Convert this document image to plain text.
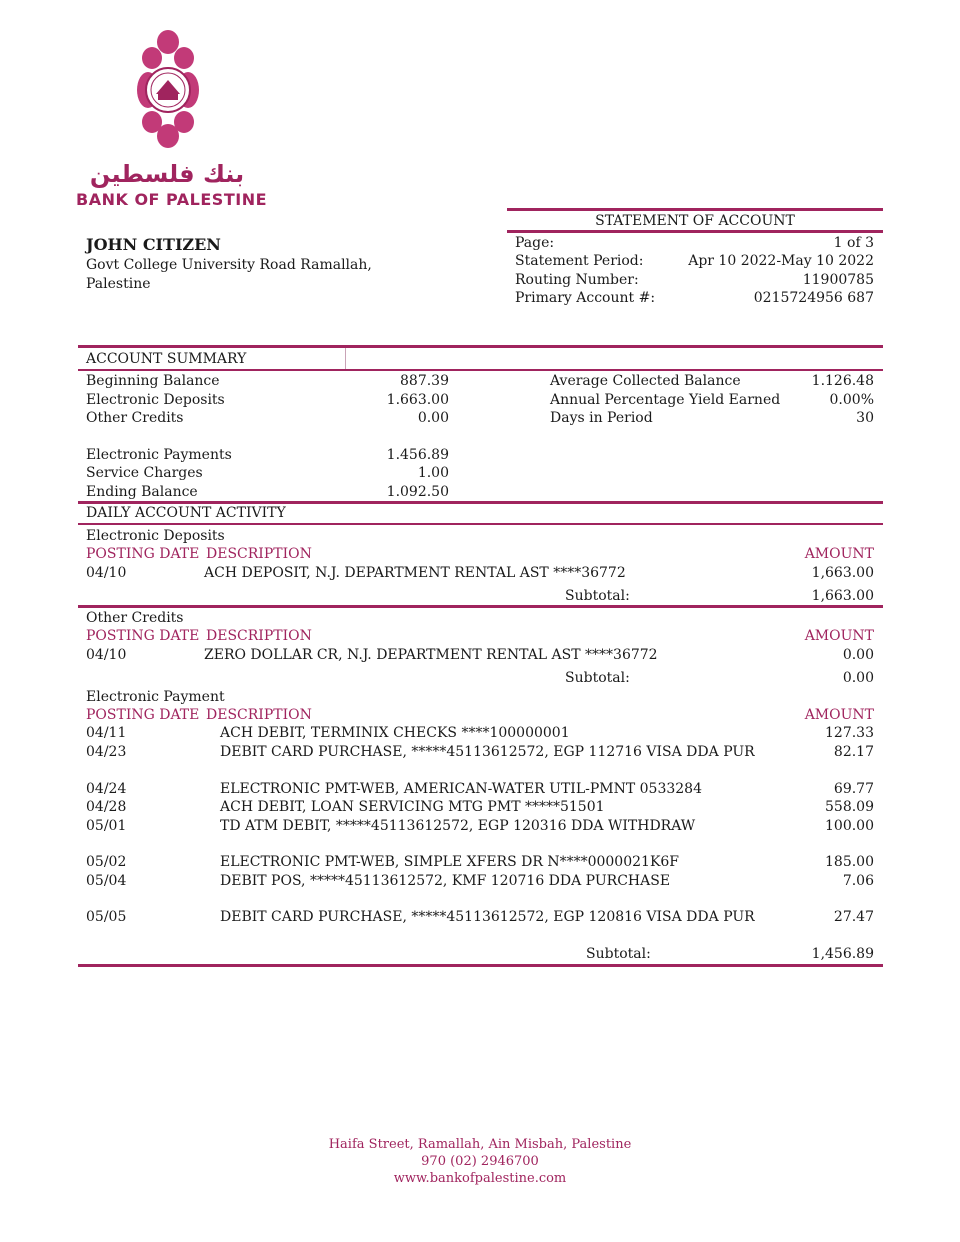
بنك فلسطين
BANK OF PALESTINE
STATEMENT OF ACCOUNT
Page:	1 of 3
Statement Period:	Apr 10 2022-May 10 2022
Routing Number:	11900785
Primary Account #:	0215724956 687
JOHN CITIZEN
Govt College University Road Ramallah,
Palestine
ACCOUNT SUMMARY
Beginning Balance	887.39
Electronic Deposits	1.663.00
Other Credits	0.00
Electronic Payments	1.456.89
Service Charges	1.00
Ending Balance	1.092.50
Average Collected Balance	1.126.48
Annual Percentage Yield Earned	0.00%
Days in Period	30
DAILY ACCOUNT ACTIVITY
Electronic Deposits
POSTING DATE DESCRIPTION	AMOUNT
04/10	ACH DEPOSIT, N.J. DEPARTMENT RENTAL AST ****36772	1,663.00
Subtotal:	1,663.00
Other Credits
POSTING DATE DESCRIPTION	AMOUNT
04/10	ZERO DOLLAR CR, N.J. DEPARTMENT RENTAL AST ****36772	0.00
Subtotal:	0.00
Electronic Payment
POSTING DATE DESCRIPTION	AMOUNT
04/11	ACH DEBIT, TERMINIX CHECKS ****100000001	127.33
04/23	DEBIT CARD PURCHASE, *****45113612572, EGP 112716 VISA DDA PUR	82.17
04/24	ELECTRONIC PMT-WEB, AMERICAN-WATER UTIL-PMNT 0533284	69.77
04/28	ACH DEBIT, LOAN SERVICING MTG PMT *****51501	558.09
05/01	TD ATM DEBIT, *****45113612572, EGP 120316 DDA WITHDRAW	100.00
05/02	ELECTRONIC PMT-WEB, SIMPLE XFERS DR N****0000021K6F	185.00
05/04	DEBIT POS, *****45113612572, KMF 120716 DDA PURCHASE	7.06
05/05	DEBIT CARD PURCHASE, *****45113612572, EGP 120816 VISA DDA PUR	27.47
Subtotal:	1,456.89
Haifa Street, Ramallah, Ain Misbah, Palestine
970 (02) 2946700
www.bankofpalestine.com
